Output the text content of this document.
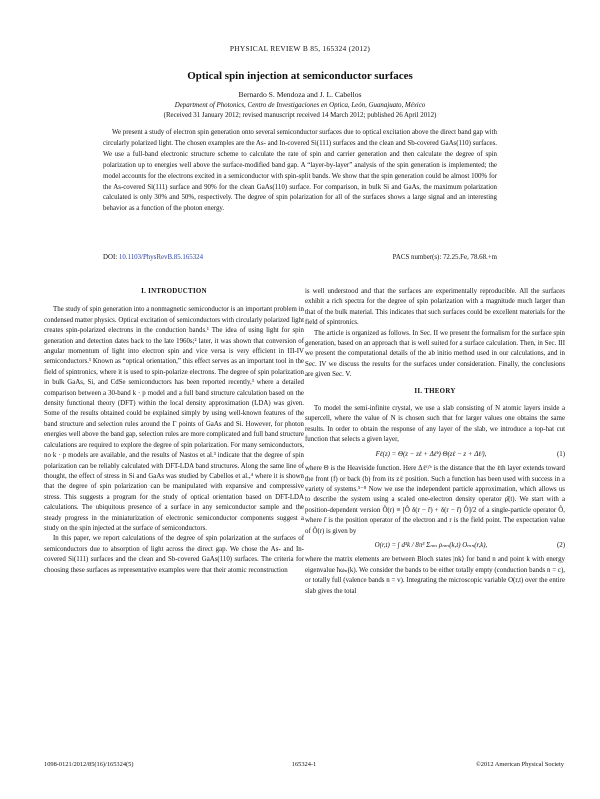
PHYSICAL REVIEW B 85, 165324 (2012)
Optical spin injection at semiconductor surfaces
Bernardo S. Mendoza and J. L. Cabellos
Department of Photonics, Centro de Investigaciones en Optica, León, Guanajuato, México
(Received 31 January 2012; revised manuscript received 14 March 2012; published 26 April 2012)
We present a study of electron spin generation onto several semiconductor surfaces due to optical excitation above the direct band gap with circularly polarized light. The chosen examples are the As- and In-covered Si(111) surfaces and the clean and Sb-covered GaAs(110) surfaces. We use a full-band electronic structure scheme to calculate the rate of spin and carrier generation and then calculate the degree of spin polarization up to energies well above the surface-modified band gap. A “layer-by-layer” analysis of the spin generation is implemented; the model accounts for the electrons excited in a semiconductor with spin-split bands. We show that the spin generation could be almost 100% for the As-covered Si(111) surface and 90% for the clean GaAs(110) surface. For comparison, in bulk Si and GaAs, the maximum polarization calculated is only 30% and 50%, respectively. The degree of spin polarization for all of the surfaces shows a large signal and an interesting behavior as a function of the photon energy.
DOI: 10.1103/PhysRevB.85.165324	PACS number(s): 72.25.Fe, 78.68.+m
I. INTRODUCTION

The study of spin generation into a nonmagnetic semiconductor is an important problem in condensed matter physics. Optical excitation of semiconductors with circularly polarized light creates spin-polarized electrons in the conduction bands.¹ The idea of using light for spin generation and detection dates back to the late 1960s;² later, it was shown that conversion of angular momentum of light into electron spin and vice versa is very efficient in III-IV semiconductors.¹ Known as “optical orientation,” this effect serves as an important tool in the field of spintronics, where it is used to spin-polarize electrons. The degree of spin polarization in bulk GaAs, Si, and CdSe semiconductors has been reported recently,³ where a detailed comparison between a 30-band k · p model and a full band structure calculation based on the density functional theory (DFT) within the local density approximation (LDA) was given. Some of the results obtained could be explained simply by using well-known features of the band structure and selection rules around the Γ points of GaAs and Si. However, for photon energies well above the band gap, selection rules are more complicated and full band structure calculations are required to explore the degree of spin polarization. For many semiconductors, no k · p models are available, and the results of Nastos et al.³ indicate that the degree of spin polarization can be reliably calculated with DFT-LDA band structures. Along the same line of thought, the effect of stress in Si and GaAs was studied by Cabellos et al.,⁴ where it is shown that the degree of spin polarization can be manipulated with expansive and compressive stress. This suggests a program for the study of optical orientation based on DFT-LDA calculations. The ubiquitous presence of a surface in any semiconductor sample and the steady progress in the miniaturization of electronic semiconductor components suggest a study on the spin injected at the surface of semiconductors.

In this paper, we report calculations of the degree of spin polarization at the surfaces of semiconductors due to absorption of light across the direct gap. We chose the As- and In-covered Si(111) surfaces and the clean and Sb-covered GaAs(110) surfaces. The criteria for choosing these surfaces as representative examples were that their atomic reconstruction

is well understood and that the surfaces are experimentally reproducible. All the surfaces exhibit a rich spectra for the degree of spin polarization with a magnitude much larger than that of the bulk material. This indicates that such surfaces could be excellent materials for the field of spintronics.

The article is organized as follows. In Sec. II we present the formalism for the surface spin generation, based on an approach that is well suited for a surface calculation. Then, in Sec. III we present the computational details of the ab initio method used in our calculations, and in Sec. IV we discuss the results for the surfaces under consideration. Finally, the conclusions are given Sec. V.

II. THEORY

To model the semi-infinite crystal, we use a slab consisting of N atomic layers inside a supercell, where the value of N is chosen such that for larger values one obtains the same results. In order to obtain the response of any layer of the slab, we introduce a top-hat cut function that selects a given layer,

Fℓ(z) = Θ(z − zℓ + Δℓᵇ) Θ(zℓ − z + Δℓᶠ),	(1)

where Θ is the Heaviside function. Here Δℓᶠ/ᵇ is the distance that the ℓth layer extends toward the front (f) or back (b) from its zℓ position. Such a function has been used with success in a variety of systems.⁵⁻⁸ Now we use the independent particle approximation, which allows us to describe the system using a scaled one-electron density operator ρ̂(t). We start with a position-dependent version Ô(r) ≡ [Ô δ(r − r̂) + δ(r − r̂) Ô]/2 of a single-particle operator Ô, where r̂ is the position operator of the electron and r is the field point. The expectation value of Ô(r) is given by

O(r,t) = ∫ d³k / 8π³ Σₙₘ ρₙₘ(k,t) Oₘₙ(r,k),	(2)

where the matrix elements are between Bloch states |nk⟩ for band n and point k with energy eigenvalue ħωₙ(k). We consider the bands to be either totally empty (conduction bands n = c), or totally full (valence bands n = v). Integrating the microscopic variable O(r,t) over the entire slab gives the total

1098-0121/2012/85(16)/165324(5)	165324-1	©2012 American Physical Society
